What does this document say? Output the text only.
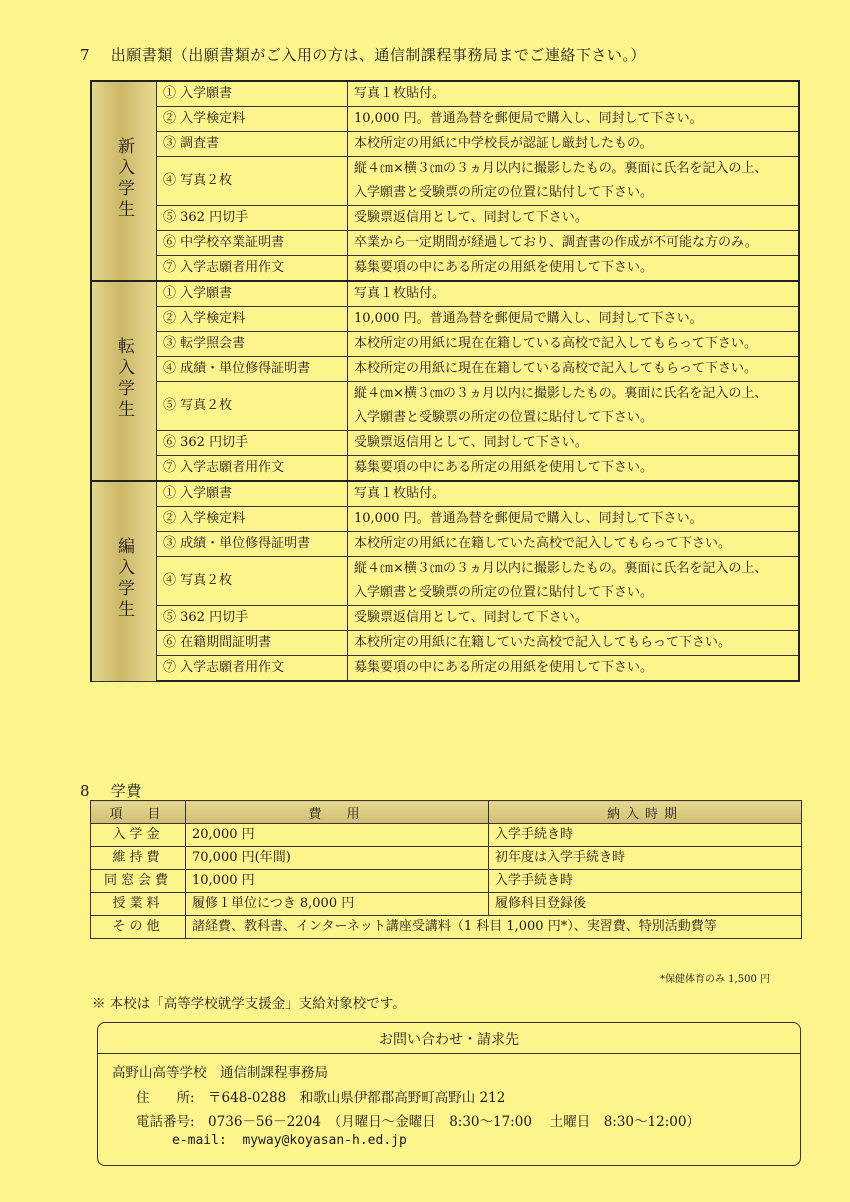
7　 出願書類（出願書類がご入用の方は、通信制課程事務局までご連絡下さい。）
新入学生	① 入学願書	写真１枚貼付。

	② 入学検定料	10,000 円。普通為替を郵便局で購入し、同封して下さい。

	③ 調査書	本校所定の用紙に中学校長が認証し厳封したもの。

	④ 写真２枚	縦４㎝×横３㎝の３ヵ月以内に撮影したもの。裏面に氏名を記入の上、
入学願書と受験票の所定の位置に貼付して下さい。

	⑤ 362 円切手	受験票返信用として、同封して下さい。

	⑥ 中学校卒業証明書	卒業から一定期間が経過しており、調査書の作成が不可能な方のみ。

	⑦ 入学志願者用作文	募集要項の中にある所定の用紙を使用して下さい。

転入学生	① 入学願書	写真１枚貼付。

	② 入学検定料	10,000 円。普通為替を郵便局で購入し、同封して下さい。

	③ 転学照会書	本校所定の用紙に現在在籍している高校で記入してもらって下さい。

	④ 成績・単位修得証明書	本校所定の用紙に現在在籍している高校で記入してもらって下さい。

	⑤ 写真２枚	縦４㎝×横３㎝の３ヵ月以内に撮影したもの。裏面に氏名を記入の上、
入学願書と受験票の所定の位置に貼付して下さい。

	⑥ 362 円切手	受験票返信用として、同封して下さい。

	⑦ 入学志願者用作文	募集要項の中にある所定の用紙を使用して下さい。

編入学生	① 入学願書	写真１枚貼付。

	② 入学検定料	10,000 円。普通為替を郵便局で購入し、同封して下さい。

	③ 成績・単位修得証明書	本校所定の用紙に在籍していた高校で記入してもらって下さい。

	④ 写真２枚	縦４㎝×横３㎝の３ヵ月以内に撮影したもの。裏面に氏名を記入の上、
入学願書と受験票の所定の位置に貼付して下さい。

	⑤ 362 円切手	受験票返信用として、同封して下さい。

	⑥ 在籍期間証明書	本校所定の用紙に在籍していた高校で記入してもらって下さい。

	⑦ 入学志願者用作文	募集要項の中にある所定の用紙を使用して下さい。
8　 学費
項　目	費　用	納入時期
入学金	20,000 円	入学手続き時
維持費	70,000 円(年間)	初年度は入学手続き時
同窓会費	10,000 円	入学手続き時
授業料	履修１単位につき 8,000 円	履修科目登録後
その他	諸経費、教科書、インターネット講座受講料（1 科目 1,000 円*）、実習費、特別活動費等	
*保健体育のみ 1,500 円
※ 本校は「高等学校就学支援金」支給対象校です。
お問い合わせ・請求先
高野山高等学校　通信制課程事務局
住　　所:　〒648-0288　和歌山県伊都郡高野町高野山 212
電話番号:　0736－56－2204　（月曜日～金曜日　8:30～17:00　 土曜日　8:30～12:00）
e-mail:  myway@koyasan-h.ed.jp
